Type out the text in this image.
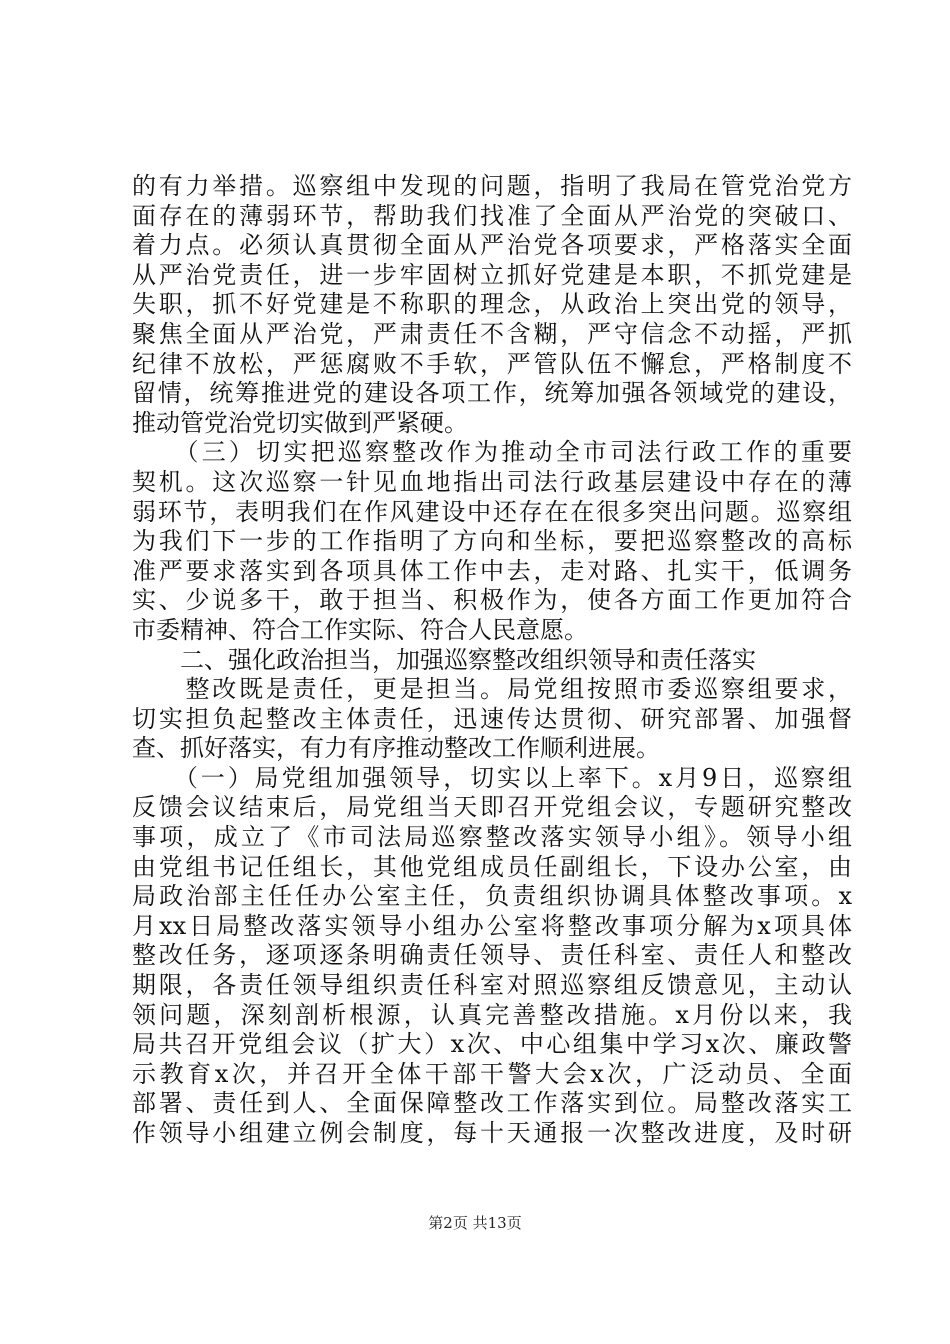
的有力举措。巡察组中发现的问题，指明了我局在管党治党方
面存在的薄弱环节，帮助我们找准了全面从严治党的突破口、
着力点。必须认真贯彻全面从严治党各项要求，严格落实全面
从严治党责任，进一步牢固树立抓好党建是本职，不抓党建是
失职，抓不好党建是不称职的理念，从政治上突出党的领导，
聚焦全面从严治党，严肃责任不含糊，严守信念不动摇，严抓
纪律不放松，严惩腐败不手软，严管队伍不懈怠，严格制度不
留情，统筹推进党的建设各项工作，统筹加强各领域党的建设，
推动管党治党切实做到严紧硬。
　　（三）切实把巡察整改作为推动全市司法行政工作的重要
契机。这次巡察一针见血地指出司法行政基层建设中存在的薄
弱环节，表明我们在作风建设中还存在在很多突出问题。巡察组
为我们下一步的工作指明了方向和坐标，要把巡察整改的高标
准严要求落实到各项具体工作中去，走对路、扎实干，低调务
实、少说多干，敢于担当、积极作为，使各方面工作更加符合
市委精神、符合工作实际、符合人民意愿。
　　二、强化政治担当，加强巡察整改组织领导和责任落实
　　整改既是责任，更是担当。局党组按照市委巡察组要求，
切实担负起整改主体责任，迅速传达贯彻、研究部署、加强督
查、抓好落实，有力有序推动整改工作顺利进展。
　　（一）局党组加强领导，切实以上率下。x月9日，巡察组
反馈会议结束后，局党组当天即召开党组会议，专题研究整改
事项，成立了《市司法局巡察整改落实领导小组》。领导小组
由党组书记任组长，其他党组成员任副组长，下设办公室，由
局政治部主任任办公室主任，负责组织协调具体整改事项。x
月xx日局整改落实领导小组办公室将整改事项分解为x项具体
整改任务，逐项逐条明确责任领导、责任科室、责任人和整改
期限，各责任领导组织责任科室对照巡察组反馈意见，主动认
领问题，深刻剖析根源，认真完善整改措施。x月份以来，我
局共召开党组会议（扩大）x次、中心组集中学习x次、廉政警
示教育x次，并召开全体干部干警大会x次，广泛动员、全面
部署、责任到人、全面保障整改工作落实到位。局整改落实工
作领导小组建立例会制度，每十天通报一次整改进度，及时研
第2页 共13页
